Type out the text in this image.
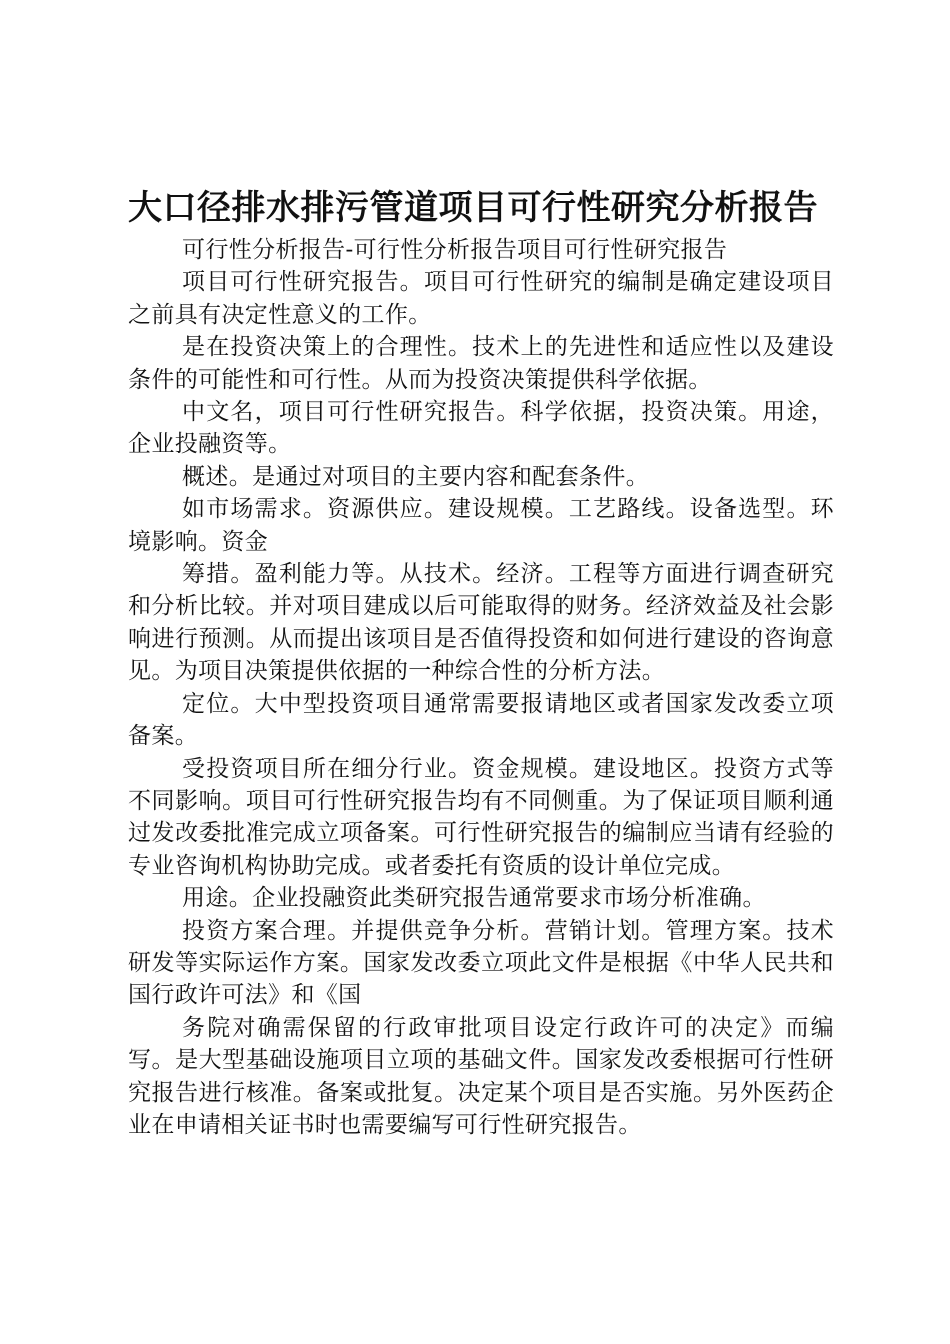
大口径排水排污管道项目可行性研究分析报告

可行性分析报告-可行性分析报告项目可行性研究报告

项目可行性研究报告。项目可行性研究的编制是确定建设项目之前具有决定性意义的工作。

是在投资决策上的合理性。技术上的先进性和适应性以及建设条件的可能性和可行性。从而为投资决策提供科学依据。

中文名，项目可行性研究报告。科学依据，投资决策。用途，企业投融资等。

概述。是通过对项目的主要内容和配套条件。

如市场需求。资源供应。建设规模。工艺路线。设备选型。环境影响。资金

筹措。盈利能力等。从技术。经济。工程等方面进行调查研究和分析比较。并对项目建成以后可能取得的财务。经济效益及社会影响进行预测。从而提出该项目是否值得投资和如何进行建设的咨询意见。为项目决策提供依据的一种综合性的分析方法。

定位。大中型投资项目通常需要报请地区或者国家发改委立项备案。

受投资项目所在细分行业。资金规模。建设地区。投资方式等不同影响。项目可行性研究报告均有不同侧重。为了保证项目顺利通过发改委批准完成立项备案。可行性研究报告的编制应当请有经验的专业咨询机构协助完成。或者委托有资质的设计单位完成。

用途。企业投融资此类研究报告通常要求市场分析准确。

投资方案合理。并提供竞争分析。营销计划。管理方案。技术研发等实际运作方案。国家发改委立项此文件是根据《中华人民共和国行政许可法》和《国

务院对确需保留的行政审批项目设定行政许可的决定》而编写。是大型基础设施项目立项的基础文件。国家发改委根据可行性研究报告进行核准。备案或批复。决定某个项目是否实施。另外医药企业在申请相关证书时也需要编写可行性研究报告。
